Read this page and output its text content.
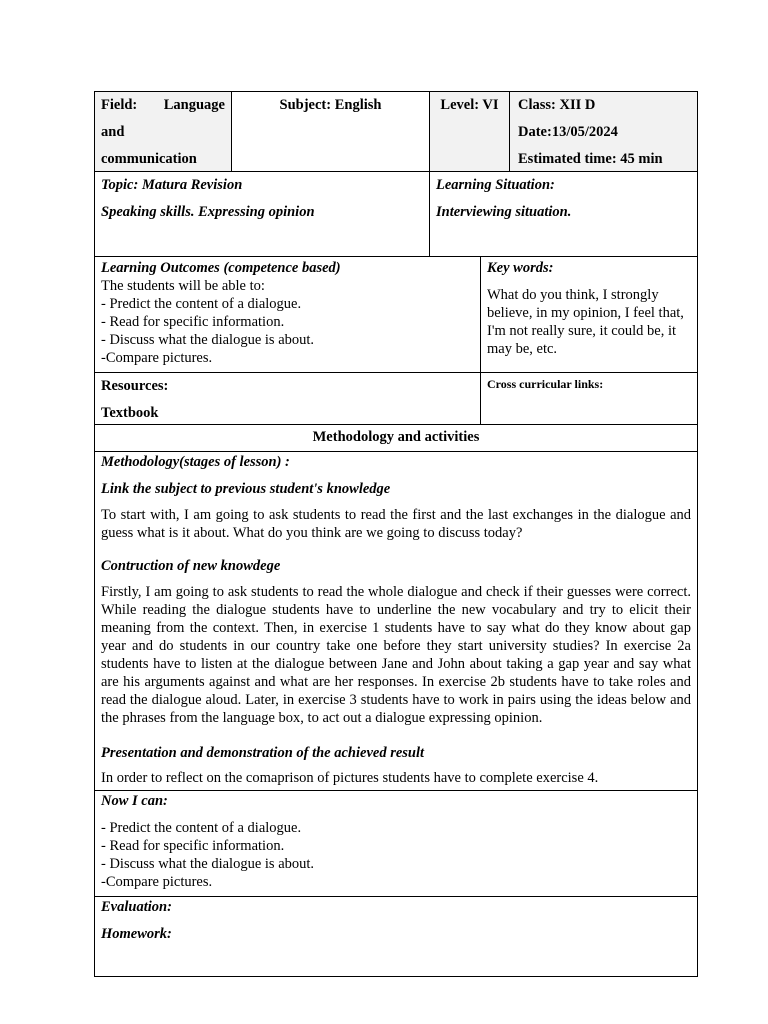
Field: Language
and
communication
Subject: English	Level: VI	Class: XII D
Date:13/05/2024
Estimated time: 45 min
Topic: Matura Revision
Speaking skills. Expressing opinion
Learning Situation:
Interviewing situation.
Learning Outcomes (competence based)
The students will be able to:
- Predict the content of a dialogue.
- Read for specific information.
- Discuss what the dialogue is about.
-Compare pictures.
Key words:
What do you think, I strongly believe, in my opinion, I feel that, I'm not really sure, it could be, it may be, etc.
Resources:
Textbook
Cross curricular links:
Methodology and activities
Methodology(stages of lesson) :
Link the subject to previous student's knowledge
To start with, I am going to ask students to read the first and the last exchanges in the dialogue and guess what is it about. What do you think are we going to discuss today?
Contruction of new knowdege
Firstly, I am going to ask students to read the whole dialogue and check if their guesses were correct. While reading the dialogue students have to underline the new vocabulary and try to elicit their meaning from the context. Then, in exercise 1 students have to say what do they know about gap year and do students in our country take one before they start university studies? In exercise 2a students have to listen at the dialogue between Jane and John about taking a gap year and say what are his arguments against and what are her responses. In exercise 2b students have to take roles and read the dialogue aloud. Later, in exercise 3 students have to work in pairs using the ideas below and the phrases from the language box, to act out a dialogue expressing opinion.
Presentation and demonstration of the achieved result
In order to reflect on the comaprison of pictures students have to complete exercise 4.
Now I can:
- Predict the content of a dialogue.
- Read for specific information.
- Discuss what the dialogue is about.
-Compare pictures.
Evaluation:
Homework:
